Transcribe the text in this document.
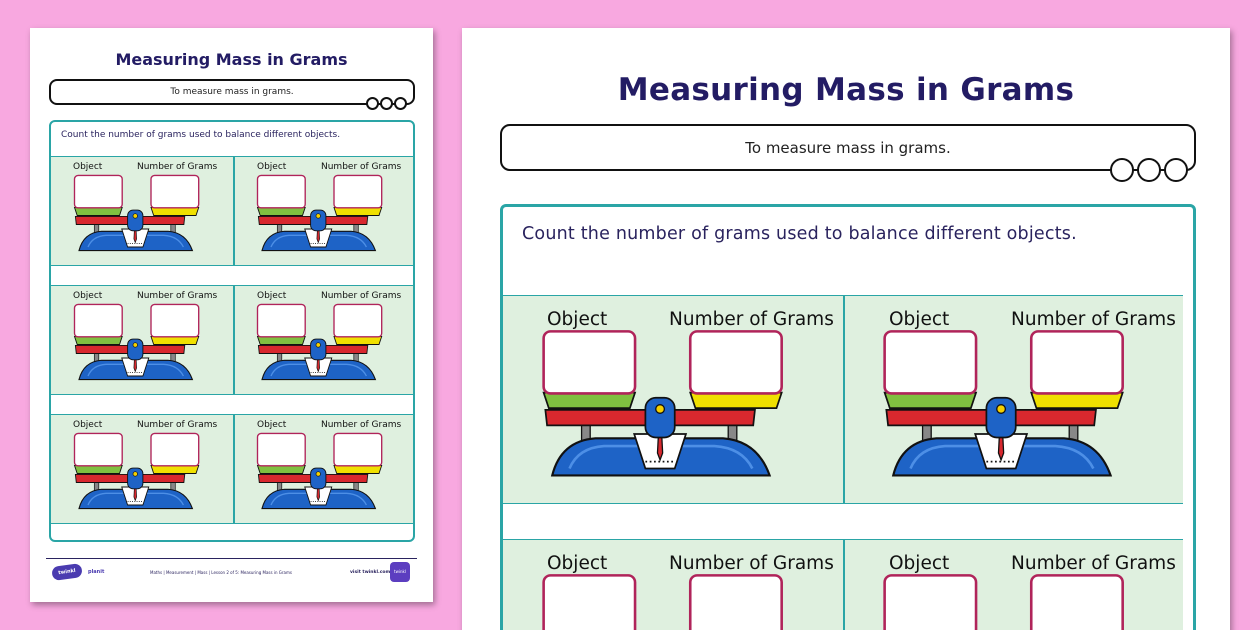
Measuring Mass in Grams
To measure mass in grams.
Count the number of grams used to balance different objects.
Object	Number of Grams	Object	Number of Grams
Object	Number of Grams	Object	Number of Grams
Object	Number of Grams	Object	Number of Grams
twinkl	planit	Maths | Measurement | Mass | Lesson 2 of 5: Measuring Mass in Grams	visit twinkl.com twinkl
Measuring Mass in Grams
To measure mass in grams.
Count the number of grams used to balance different objects.
Object	Number of Grams	Object	Number of Grams
Object	Number of Grams	Object	Number of Grams
